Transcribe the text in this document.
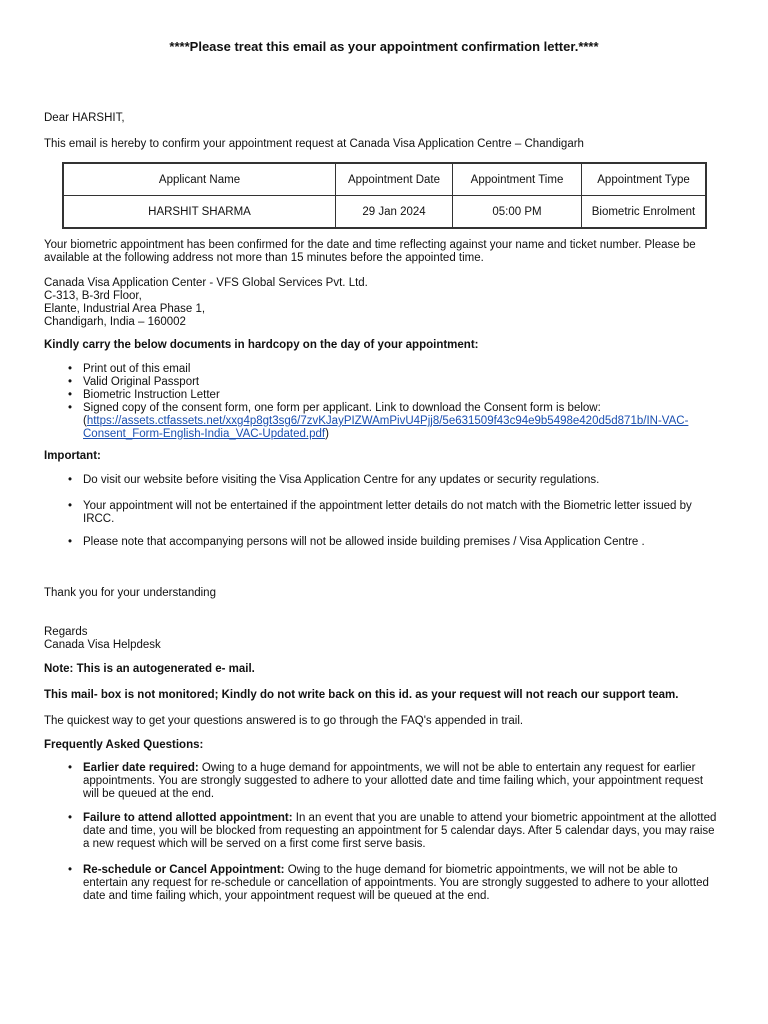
****Please treat this email as your appointment confirmation letter.****
Dear HARSHIT,
This email is hereby to confirm your appointment request at Canada Visa Application Centre – Chandigarh
Applicant Name	Appointment Date	Appointment Time	Appointment Type
HARSHIT SHARMA	29 Jan 2024	05:00 PM	Biometric Enrolment
Your biometric appointment has been confirmed for the date and time reflecting against your name and ticket number. Please be
available at the following address not more than 15 minutes before the appointed time.
Canada Visa Application Center - VFS Global Services Pvt. Ltd.
C-313, B-3rd Floor,
Elante, Industrial Area Phase 1,
Chandigarh, India – 160002
Kindly carry the below documents in hardcopy on the day of your appointment:
• Print out of this email
• Valid Original Passport
• Biometric Instruction Letter
• Signed copy of the consent form, one form per applicant. Link to download the Consent form is below:
(https://assets.ctfassets.net/xxg4p8gt3sg6/7zvKJayPIZWAmPivU4Pjj8/5e631509f43c94e9b5498e420d5d871b/IN-VAC-
Consent_Form-English-India_VAC-Updated.pdf)
Important:
• Do visit our website before visiting the Visa Application Centre for any updates or security regulations.
• Your appointment will not be entertained if the appointment letter details do not match with the Biometric letter issued by
IRCC.
• Please note that accompanying persons will not be allowed inside building premises / Visa Application Centre .
Thank you for your understanding
Regards
Canada Visa Helpdesk
Note: This is an autogenerated e- mail.
This mail- box is not monitored; Kindly do not write back on this id. as your request will not reach our support team.
The quickest way to get your questions answered is to go through the FAQ's appended in trail.
Frequently Asked Questions:
• Earlier date required: Owing to a huge demand for appointments, we will not be able to entertain any request for earlier
appointments. You are strongly suggested to adhere to your allotted date and time failing which, your appointment request
will be queued at the end.
• Failure to attend allotted appointment: In an event that you are unable to attend your biometric appointment at the allotted
date and time, you will be blocked from requesting an appointment for 5 calendar days. After 5 calendar days, you may raise
a new request which will be served on a first come first serve basis.
• Re-schedule or Cancel Appointment: Owing to the huge demand for biometric appointments, we will not be able to
entertain any request for re-schedule or cancellation of appointments. You are strongly suggested to adhere to your allotted
date and time failing which, your appointment request will be queued at the end.
